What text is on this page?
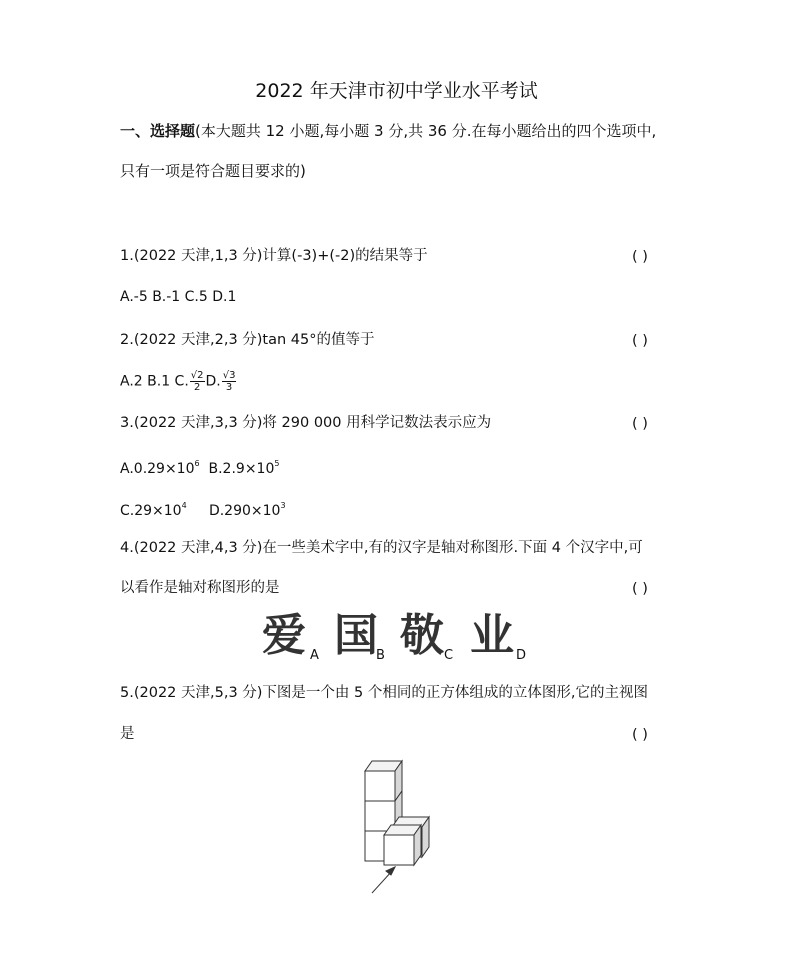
2022 年天津市初中学业水平考试
一、选择题(本大题共 12 小题,每小题 3 分,共 36 分.在每小题给出的四个选项中,
只有一项是符合题目要求的)
1.(2022 天津,1,3 分)计算(-3)+(-2)的结果等于	( )
A.-5 B.-1 C.5 D.1
2.(2022 天津,2,3 分)tan 45°的值等于	( )
A.2 B.1 C. $\frac{√2}{2} D$. $\frac{√3}{3}$
3.(2022 天津,3,3 分)将 290 000 用科学记数法表示应为	( )
$A.0.29\times 10^6$ $B.2.9\times 10^5$
$C.29\times 10^4$ $D.290\times 10^3$
4.(2022 天津,4,3 分)在一些美术字中,有的汉字是轴对称图形.下面 4 个汉字中,可
以看作是轴对称图形的是	( )
爱 A 国
B 敬 C 业 D
5.(2022 天津,5,3 分)下图是一个由 5 个相同的正方体组成的立体图形,它的主视图
是	( )
